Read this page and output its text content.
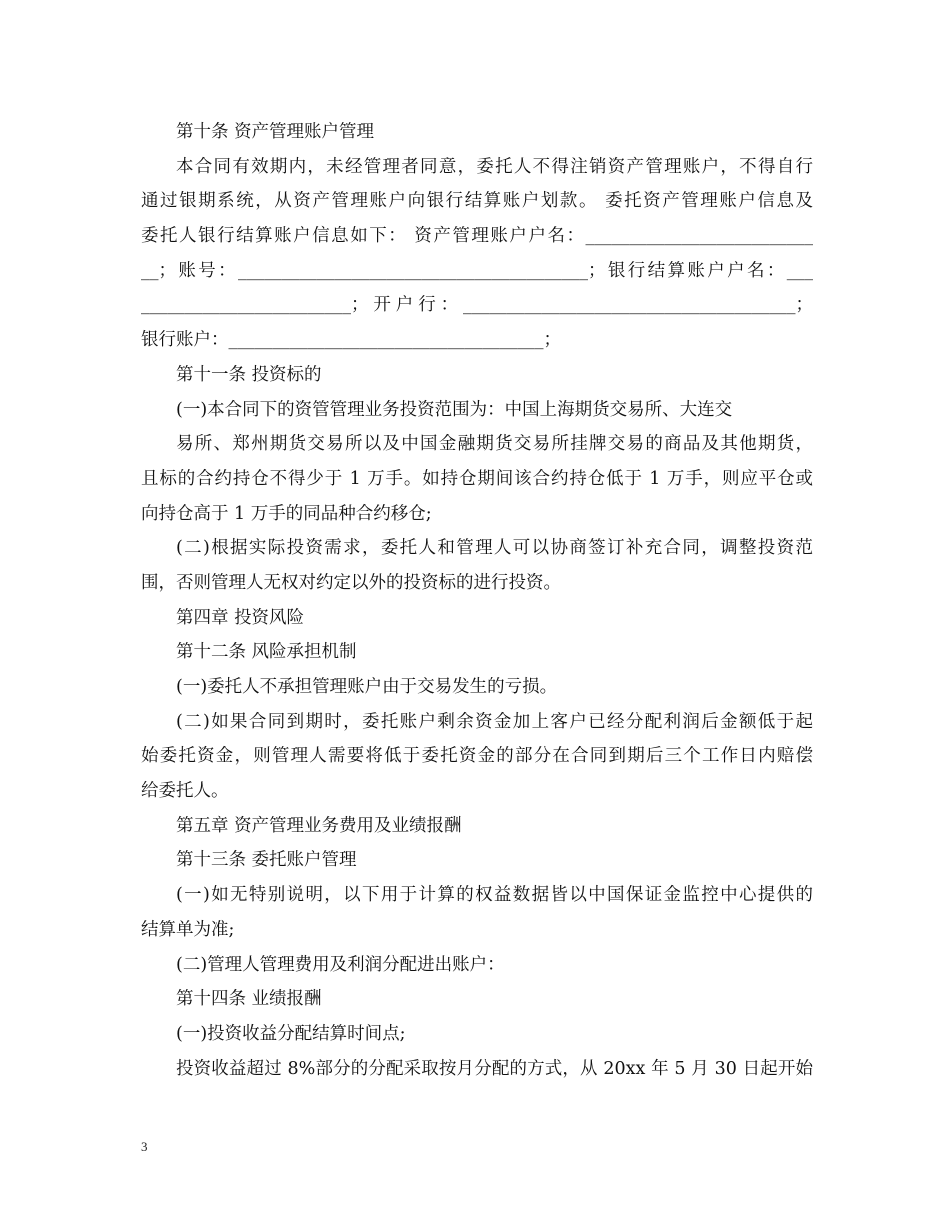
第十条 资产管理账户管理
本合同有效期内，未经管理者同意，委托人不得注销资产管理账户，不得自行
通过银期系统，从资产管理账户向银行结算账户划款。 委托资产管理账户信息及
委托人银行结算账户信息如下： 资产管理账户户名：__________________________
__；账号：________________________________________；银行结算账户户名：___
________________________；开户行：______________________________________；
银行账户：____________________________________；
第十一条 投资标的
(一)本合同下的资管管理业务投资范围为：中国上海期货交易所、大连交
易所、郑州期货交易所以及中国金融期货交易所挂牌交易的商品及其他期货，
且标的合约持仓不得少于 1 万手。如持仓期间该合约持仓低于 1 万手，则应平仓或
向持仓高于 1 万手的同品种合约移仓;
(二)根据实际投资需求，委托人和管理人可以协商签订补充合同，调整投资范
围，否则管理人无权对约定以外的投资标的进行投资。
第四章 投资风险
第十二条 风险承担机制
(一)委托人不承担管理账户由于交易发生的亏损。
(二)如果合同到期时，委托账户剩余资金加上客户已经分配利润后金额低于起
始委托资金，则管理人需要将低于委托资金的部分在合同到期后三个工作日内赔偿
给委托人。
第五章 资产管理业务费用及业绩报酬
第十三条 委托账户管理
(一)如无特别说明，以下用于计算的权益数据皆以中国保证金监控中心提供的
结算单为准;
(二)管理人管理费用及利润分配进出账户：
第十四条 业绩报酬
(一)投资收益分配结算时间点;
投资收益超过 8%部分的分配采取按月分配的方式，从 20xx 年 5 月 30 日起开始
3
